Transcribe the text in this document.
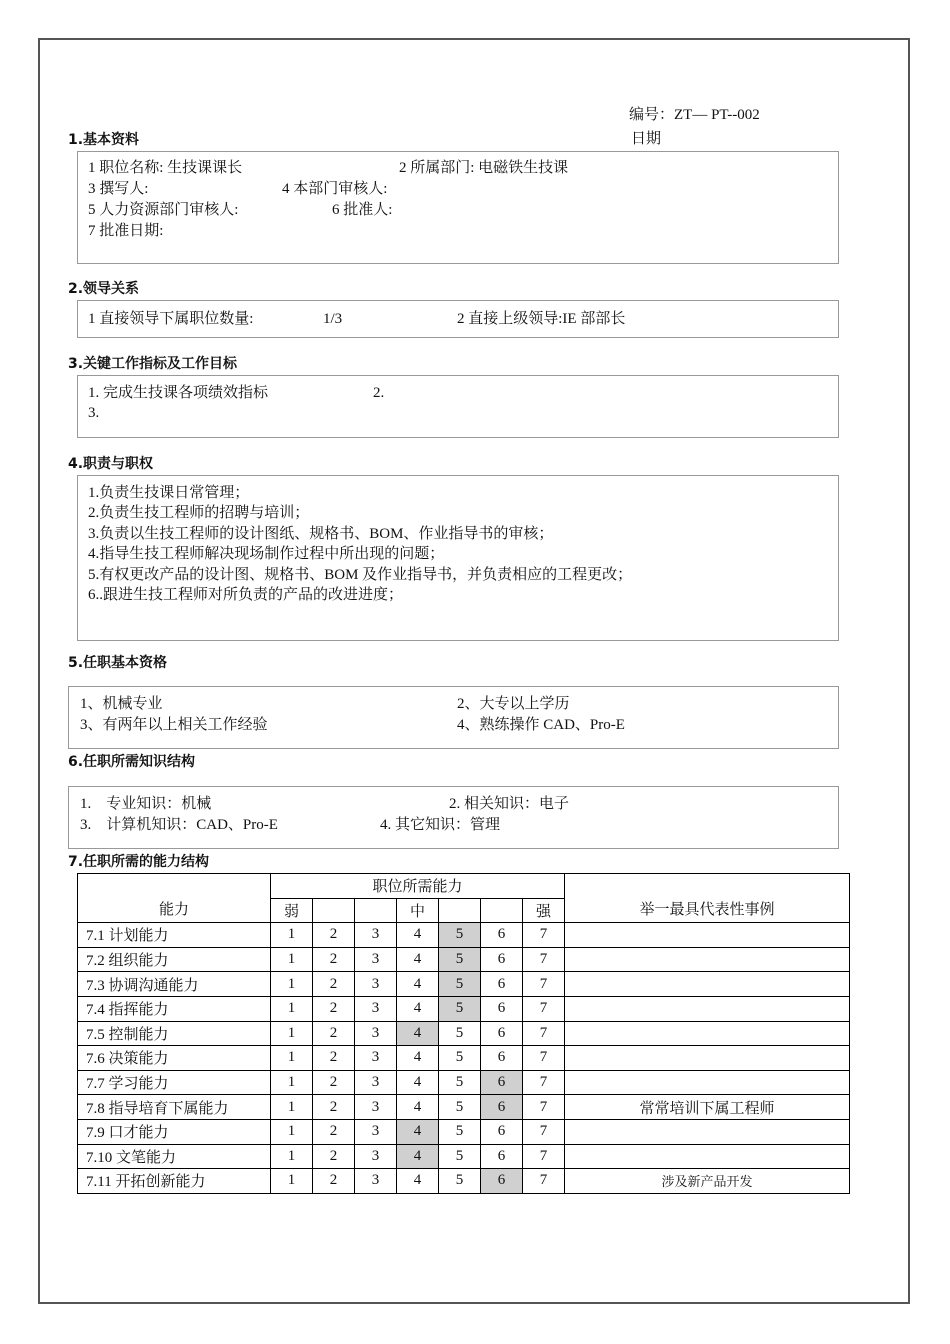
编号：ZT— PT--002
日期
1.基本资料
1 职位名称: 生技课课长	2 所属部门: 电磁铁生技课
3 撰写人:	4 本部门审核人:
5 人力资源部门审核人:	6 批准人:
7 批准日期:
2.领导关系
1 直接领导下属职位数量:	1/3	2 直接上级领导:IE 部部长
3.关键工作指标及工作目标
1. 完成生技课各项绩效指标	2.
3.
4.职责与职权
1.负责生技课日常管理；
2.负责生技工程师的招聘与培训；
3.负责以生技工程师的设计图纸、规格书、BOM、作业指导书的审核；
4.指导生技工程师解决现场制作过程中所出现的问题；
5.有权更改产品的设计图、规格书、BOM 及作业指导书，并负责相应的工程更改；
6..跟进生技工程师对所负责的产品的改进进度；
5.任职基本资格
1、机械专业	2、大专以上学历
3、有两年以上相关工作经验	4、熟练操作 CAD、Pro-E
6.任职所需知识结构
1.　专业知识：机械	2. 相关知识：电子
3.　计算机知识：CAD、Pro-E	4. 其它知识：管理
7.任职所需的能力结构
能力	职位所需能力							举一最具代表性事例
	弱			中			强	
7.1 计划能力	1	2	3	4	5	6	7	
7.2 组织能力	1	2	3	4	5	6	7	
7.3 协调沟通能力	1	2	3	4	5	6	7	
7.4 指挥能力	1	2	3	4	5	6	7	
7.5 控制能力	1	2	3	4	5	6	7	
7.6 决策能力	1	2	3	4	5	6	7	
7.7 学习能力	1	2	3	4	5	6	7	
7.8 指导培育下属能力	1	2	3	4	5	6	7	常常培训下属工程师
7.9 口才能力	1	2	3	4	5	6	7	
7.10 文笔能力	1	2	3	4	5	6	7	
7.11 开拓创新能力	1	2	3	4	5	6	7	涉及新产品开发
